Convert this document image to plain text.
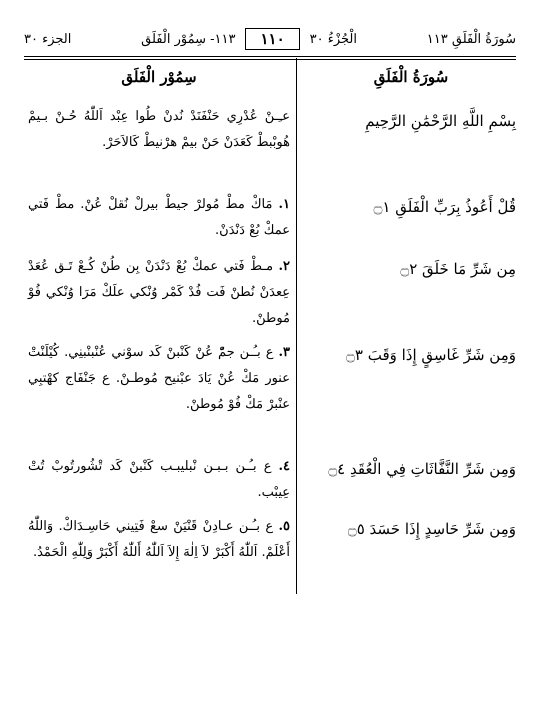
سُورَةُ الْفَلَقِ ١١٣
الْجُزْءُ ٣٠
١١٠
١١٣- سِمُوْر الْفَلَق
الجزء ٣٠
سُورَةُ الْفَلَقِ
سِمُوْر الْفَلَق
بِسْمِ اللَّهِ الرَّحْمَٰنِ الرَّحِيمِ
عـِـنْ عُدْرِي حَنْفَنَدْ نُدنْ طُوا عِبْد اَللّٰهُ حُـنْ بـيمْ هُوبْبطْ كَعَدَنْ حَنْ بيمْ هرْنيطْ كَالاَحَرْ.
قُلْ أَعُوذُ بِرَبِّ الْفَلَقِ ۝١
١. مَاكْ مطْ مُولرْ جيطْ بيرلْ نُقلْ عُنْ. مطْ فَتي عمكْ بُعْ دَنْدَنْ.
مِن شَرِّ مَا خَلَقَ ۝٢
٢. مـطْ فَتي عمكْ بُعْ دَنْدَنْ بِن طُنْ كُـعْ تَـق عُعَدْ عِعدَنْ نُطنْ فَت فُدْ كَمْر وُنْكي علَكْ مَرَا وُنْكي فُوْ مُوطنْ.
وَمِن شَرِّ غَاسِقٍ إِذَا وَقَبَ ۝٣
٣. ع بـُـن جمّْ عُنْ كَنْبنْ كَد سوْني عُنْبنْبنِي. كُيْلَنْتْ عنور مَكْ عُنْ يَادَ عبْنيح مُوطـنْ. ع جَنْفَاج كهْتبِي عنْبرْ مَكْ فُوْ مُوطنْ.
وَمِن شَرِّ النَّفَّاثَاتِ فِي الْعُقَدِ ۝٤
٤. ع بـُـن بـبـن نْبليبـب كَنْبنْ كَد تْشُورتُوبْ تُتْ عِيبْب.
وَمِن شَرِّ حَاسِدٍ إِذَا حَسَدَ ۝٥
٥. ع بـُـن عـادِنْ قَنْيَنْ سعْ فَتِيني حَاسِـدَاكْ. وَاللّٰهُ أَعْلَمْ. اَللّٰهُ أَكْبَرْ لاَ اِلٰهَ إِلاَ اَللّٰهُ أَللّٰهُ أَكْبَرْ وَلِلّٰهِ الْحَمْدُ.
